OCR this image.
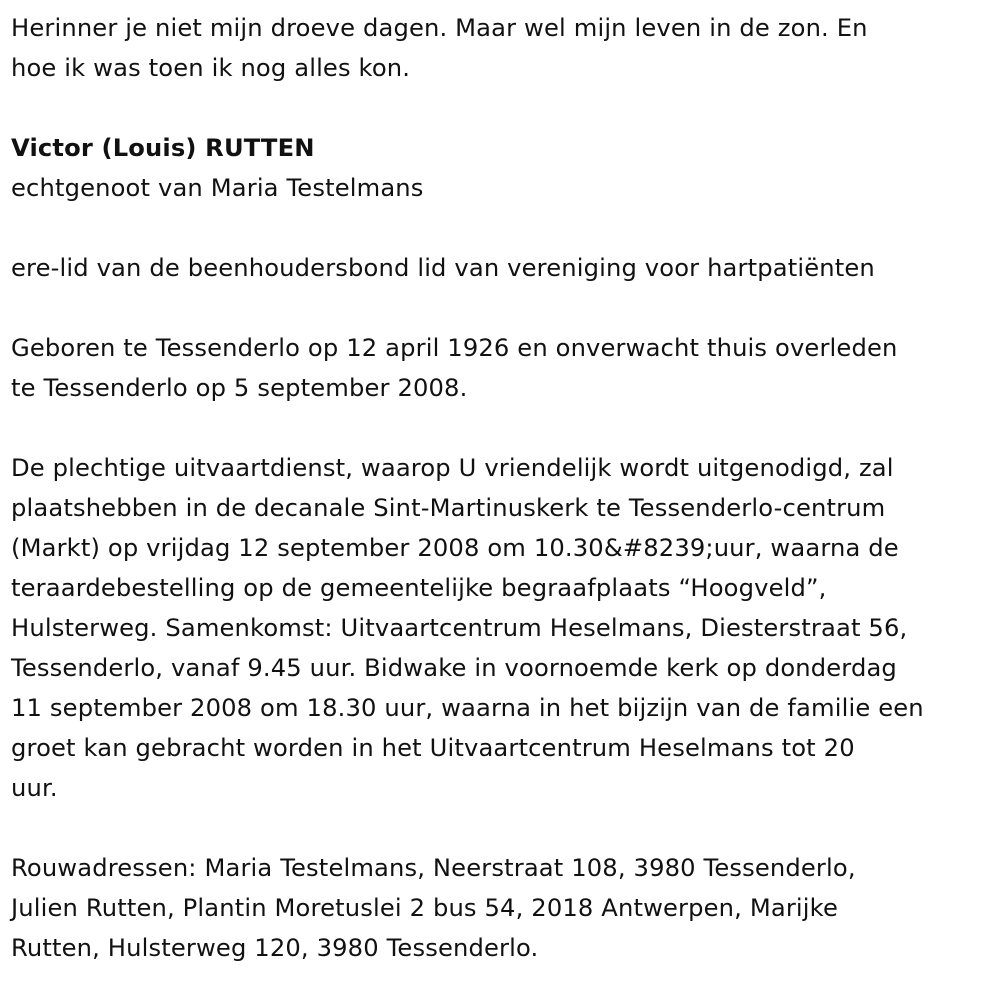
Herinner je niet mijn droeve dagen. Maar wel mijn leven in de zon. En
hoe ik was toen ik nog alles kon.

Victor (Louis) RUTTEN

echtgenoot van Maria Testelmans

ere-lid van de beenhoudersbond lid van vereniging voor hartpatiënten

Geboren te Tessenderlo op 12 april 1926 en onverwacht thuis overleden
te Tessenderlo op 5 september 2008.

De plechtige uitvaartdienst, waarop U vriendelijk wordt uitgenodigd, zal
plaatshebben in de decanale Sint-Martinuskerk te Tessenderlo-centrum
(Markt) op vrijdag 12 september 2008 om 10.30&#8239;uur, waarna de
teraardebestelling op de gemeentelijke begraafplaats “Hoogveld”,
Hulsterweg. Samenkomst: Uitvaartcentrum Heselmans, Diesterstraat 56,
Tessenderlo, vanaf 9.45 uur. Bidwake in voornoemde kerk op donderdag
11 september 2008 om 18.30 uur, waarna in het bijzijn van de familie een
groet kan gebracht worden in het Uitvaartcentrum Heselmans tot 20
uur.

Rouwadressen: Maria Testelmans, Neerstraat 108, 3980 Tessenderlo,
Julien Rutten, Plantin Moretuslei 2 bus 54, 2018 Antwerpen, Marijke
Rutten, Hulsterweg 120, 3980 Tessenderlo.
